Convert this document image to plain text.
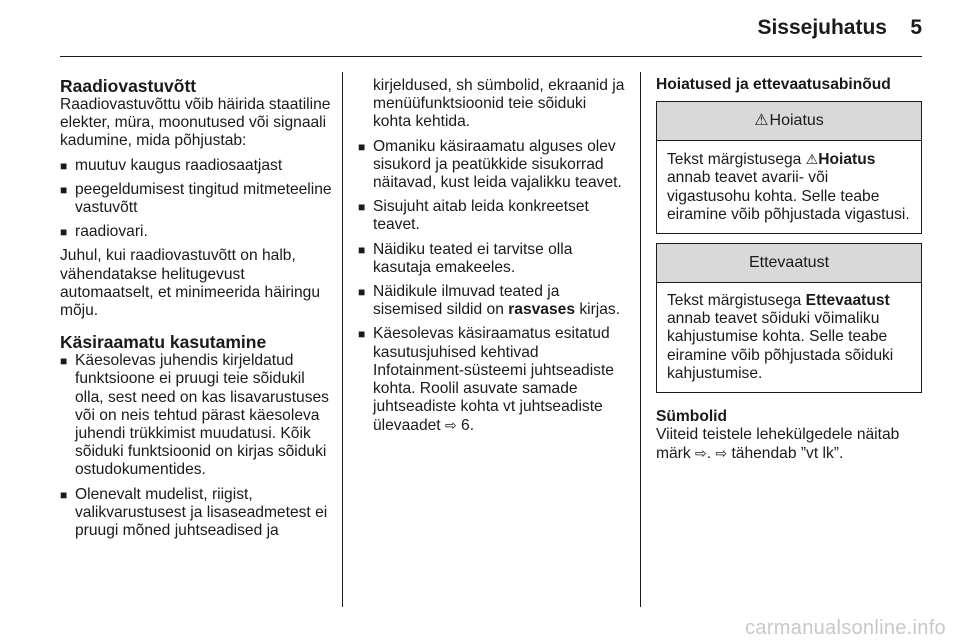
Sissejuhatus 5
Raadiovastuvõtt

Raadiovastuvõttu võib häirida staatiline elekter, müra, moonutused või signaali kadumine, mida põhjustab:

■ muutuv kaugus raadiosaatjast
■ peegeldumisest tingitud mitmeteeline vastuvõtt
■ raadiovari.

Juhul, kui raadiovastuvõtt on halb, vähendatakse helitugevust automaatselt, et minimeerida häiringu mõju.

Käsiraamatu kasutamine
■ Käesolevas juhendis kirjeldatud funktsioone ei pruugi teie sõidukil olla, sest need on kas lisavarustuses või on neis tehtud pärast käesoleva juhendi trükkimist muudatusi. Kõik sõiduki funktsioonid on kirjas sõiduki ostudokumentides.
■ Olenevalt mudelist, riigist, valikvarustusest ja lisaseadmetest ei pruugi mõned juhtseadised ja

kirjeldused, sh sümbolid, ekraanid ja menüüfunktsioonid teie sõiduki kohta kehtida.

■ Omaniku käsiraamatu alguses olev sisukord ja peatükkide sisukorrad näitavad, kust leida vajalikku teavet.
■ Sisujuht aitab leida konkreetset teavet.
■ Näidiku teated ei tarvitse olla kasutaja emakeeles.
■ Näidikule ilmuvad teated ja sisemised sildid on rasvases kirjas.
■ Käesolevas käsiraamatus esitatud kasutusjuhised kehtivad Infotainment-süsteemi juhtseadiste kohta. Roolil asuvate samade juhtseadiste kohta vt juhtseadiste ülevaadet ⇨ 6.
Hoiatused ja ettevaatusabinõud
⚠Hoiatus
Tekst märgistusega ⚠Hoiatus annab teavet avarii- või vigastusohu kohta. Selle teabe eiramine võib põhjustada vigastusi.
Ettevaatust
Tekst märgistusega Ettevaatust annab teavet sõiduki võimaliku kahjustumise kohta. Selle teabe eiramine võib põhjustada sõiduki kahjustumise.
Sümbolid

Viiteid teistele lehekülgedele näitab märk ⇨. ⇨ tähendab ”vt lk”.

carmanualsonline.info
